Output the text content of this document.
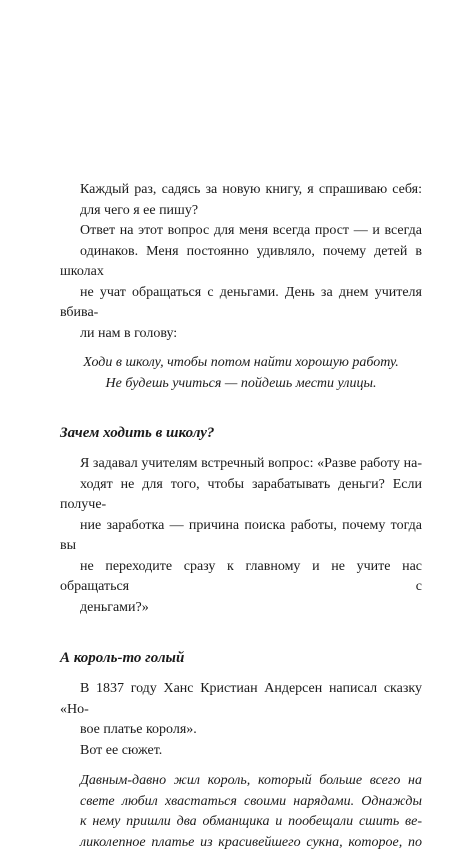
Каждый раз, садясь за новую книгу, я спрашиваю себя:
для чего я ее пишу?

Ответ на этот вопрос для меня всегда прост — и всегда
одинаков. Меня постоянно удивляло, почему детей в школах
не учат обращаться с деньгами. День за днем учителя вбива-
ли нам в голову:

Ходи в школу, чтобы потом найти хорошую работу.
Не будешь учиться — пойдешь мести улицы.
Зачем ходить в школу?

Я задавал учителям встречный вопрос: «Разве работу на-
ходят не для того, чтобы зарабатывать деньги? Если получе-
ние заработка — причина поиска работы, почему тогда вы
не переходите сразу к главному и не учите нас обращаться с
деньгами?»

А король-то голый

В 1837 году Ханс Кристиан Андерсен написал сказку «Но-
вое платье короля».

Вот ее сюжет.

Давным-давно жил король, который больше всего на
свете любил хвастаться своими нарядами. Однажды
к нему пришли два обманщика и пообещали сшить ве-
ликолепное платье из красивейшего сукна, которое, по
